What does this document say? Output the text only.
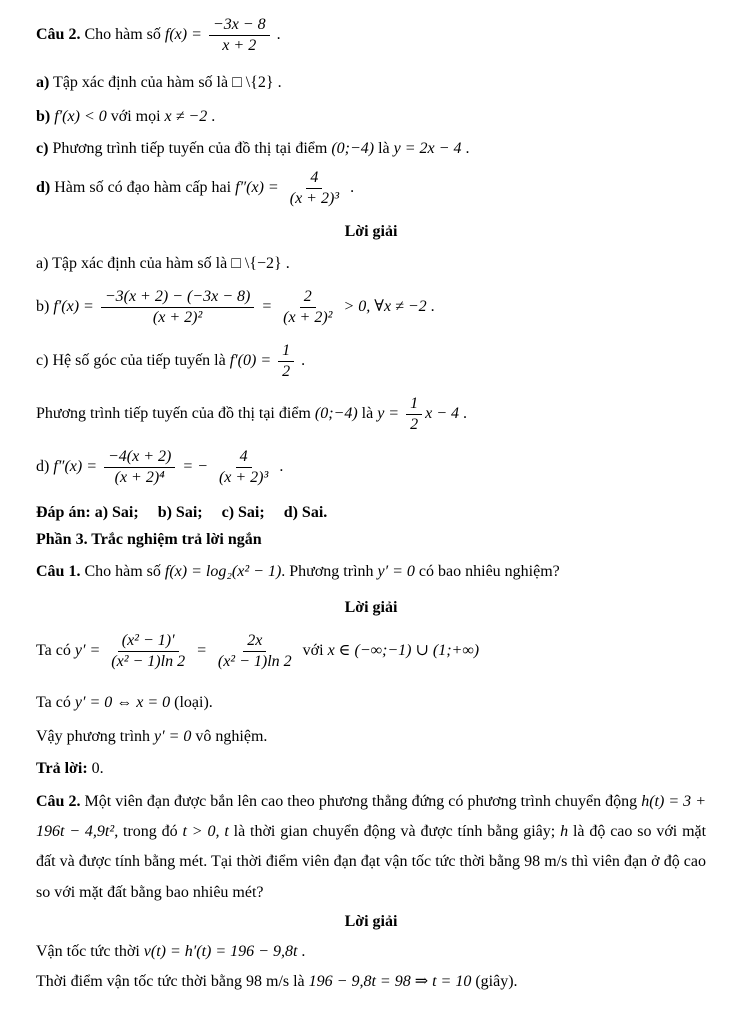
Câu 2. Cho hàm số $f(x) = \frac{-3x - 8}{x + 2}$ .
a) Tập xác định của hàm số là □ \{2} .
b) f′(x) < 0 với mọi x ≠ −2 .
c) Phương trình tiếp tuyến của đồ thị tại điểm (0;−4) là y = 2x − 4 .
d) Hàm số có đạo hàm cấp hai $f''(x) = \frac{4}{\text{(x + 2)³}}$ .
Lời giải
a) Tập xác định của hàm số là □ \{−2} .
b) $f'(x) = \frac{-3(x + 2) - (-3x - 8)}{\text{(x + 2)²}} = \frac{2}{\text{(x + 2)²}} > 0$, ∀x ≠ −2 .
c) Hệ số góc của tiếp tuyến là $f'(0) = \frac{1}{2}$ .
Phương trình tiếp tuyến của đồ thị tại điểm (0;−4) là $y = \frac{1}{2}$ x − 4 .
d) $f''(x) = \frac{-4(x + 2)}{\text{(x + 2)⁴}}$ = − $\frac{4}{\text{(x + 2)³}}$ .
Đáp án: a) Sai; b) Sai; c) Sai; d) Sai.
Phần 3. Trắc nghiệm trả lời ngắn
Câu 1. Cho hàm số f(x) = log₂(x² − 1). Phương trình y′ = 0 có bao nhiêu nghiệm?
Lời giải
Ta có $y' = \frac{\text{(x² − 1)′}}{\text{(x² − 1)ln 2}} = \frac{2x}{\text{(x² − 1)ln 2}}$ với x ∈ (−∞;−1) ∪ (1;+∞)
Ta có y′ = 0 ⇔ x = 0 (loại).
Vậy phương trình y′ = 0 vô nghiệm.
Trả lời: 0.
Câu 2. Một viên đạn được bắn lên cao theo phương thẳng đứng có phương trình chuyển động h(t) = 3 + 196t − 4,9t², trong đó t > 0, t là thời gian chuyển động và được tính bằng giây; h là độ cao so với mặt đất và được tính bằng mét. Tại thời điểm viên đạn đạt vận tốc tức thời bằng 98 m/s thì viên đạn ở độ cao so với mặt đất bằng bao nhiêu mét?
Lời giải
Vận tốc tức thời v(t) = h′(t) = 196 − 9,8t .
Thời điểm vận tốc tức thời bằng 98 m/s là 196 − 9,8t = 98 ⇒ t = 10 (giây).
